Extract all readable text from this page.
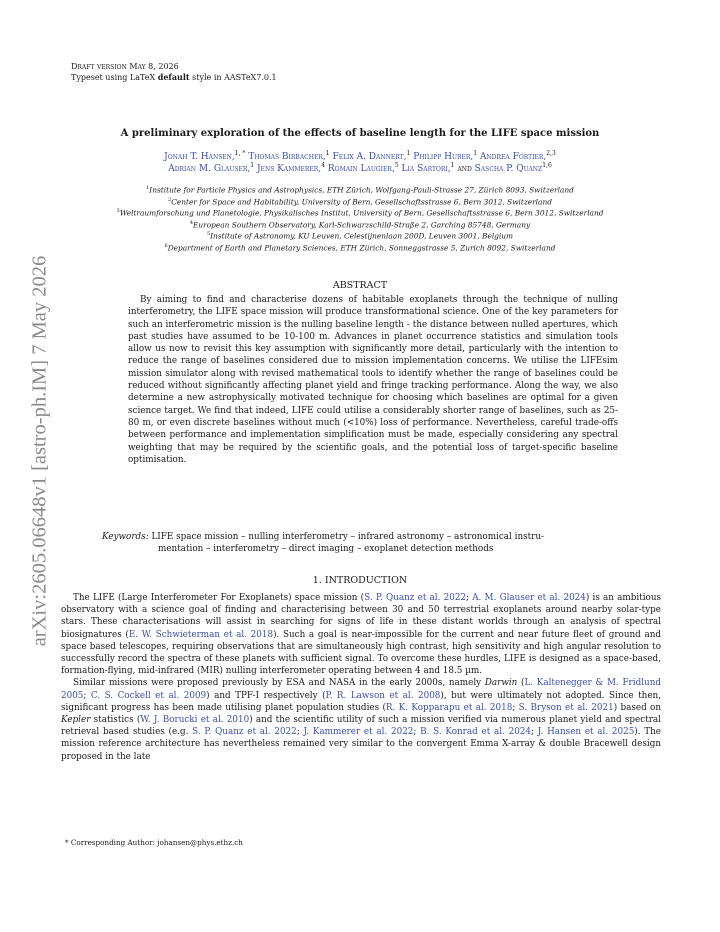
Draft version May 8, 2026
Typeset using LaTeX default style in AASTeX7.0.1
arXiv:2605.06648v1 [astro-ph.IM] 7 May 2026
A preliminary exploration of the effects of baseline length for the LIFE space mission
Jonah T. Hansen,$^{1, *}$ Thomas Birbacher,$^1$ Felix A. Dannert,$^1$ Philipp Huber,$^1$ Andrea Fortier,$^{2,3}$
Adrian M. Glauser,$^1$ Jens Kammerer,$^4$ Romain Laugier,$^5$ Lia Sartori,$^1$ and Sascha P. Quanz$^{1,6}$
$^1$Institute for Particle Physics and Astrophysics, ETH Zürich, Wolfgang-Pauli-Strasse 27, Zürich 8093, Switzerland
$^2$Center for Space and Habitability, University of Bern, Gesellschaftsstrasse 6, Bern 3012, Switzerland
$^3$Weltraumforschung und Planetologie, Physikalisches Institut, University of Bern, Gesellschaftsstrasse 6, Bern 3012, Switzerland
$^4$European Southern Observatory, Karl-Schwarzschild-Straße 2, Garching 85748, Germany
$^5$Institute of Astronomy, KU Leuven, Celestijnenlaan 200D, Leuven 3001, Belgium
$^6$Department of Earth and Planetary Sciences, ETH Zürich, Sonneggstrasse 5, Zurich 8092, Switzerland
ABSTRACT

By aiming to find and characterise dozens of habitable exoplanets through the technique of nulling interferometry, the LIFE space mission will produce transformational science. One of the key parameters for such an interferometric mission is the nulling baseline length - the distance between nulled apertures, which past studies have assumed to be 10-100 m. Advances in planet occurrence statistics and simulation tools allow us now to revisit this key assumption with significantly more detail, particularly with the intention to reduce the range of baselines considered due to mission implementation concerns. We utilise the LIFEsim mission simulator along with revised mathematical tools to identify whether the range of baselines could be reduced without significantly affecting planet yield and fringe tracking performance. Along the way, we also determine a new astrophysically motivated technique for choosing which baselines are optimal for a given science target. We find that indeed, LIFE could utilise a considerably shorter range of baselines, such as 25-80 m, or even discrete baselines without much (<10%) loss of performance. Nevertheless, careful trade-offs between performance and implementation simplification must be made, especially considering any spectral weighting that may be required by the scientific goals, and the potential loss of target-specific baseline optimisation.

Keywords: LIFE space mission – nulling interferometry – infrared astronomy – astronomical instru-
mentation – interferometry – direct imaging – exoplanet detection methods
1. INTRODUCTION

The LIFE (Large Interferometer For Exoplanets) space mission (S. P. Quanz et al. 2022; A. M. Glauser et al. 2024) is an ambitious observatory with a science goal of finding and characterising between 30 and 50 terrestrial exoplanets around nearby solar-type stars. These characterisations will assist in searching for signs of life in these distant worlds through an analysis of spectral biosignatures (E. W. Schwieterman et al. 2018). Such a goal is near-impossible for the current and near future fleet of ground and space based telescopes, requiring observations that are simultaneously high contrast, high sensitivity and high angular resolution to successfully record the spectra of these planets with sufficient signal. To overcome these hurdles, LIFE is designed as a space-based, formation-flying, mid-infrared (MIR) nulling interferometer operating between 4 and 18.5 µm.

Similar missions were proposed previously by ESA and NASA in the early 2000s, namely Darwin (L. Kaltenegger & M. Fridlund 2005; C. S. Cockell et al. 2009) and TPF-I respectively (P. R. Lawson et al. 2008), but were ultimately not adopted. Since then, significant progress has been made utilising planet population studies (R. K. Kopparapu et al. 2018; S. Bryson et al. 2021) based on Kepler statistics (W. J. Borucki et al. 2010) and the scientific utility of such a mission verified via numerous planet yield and spectral retrieval based studies (e.g. S. P. Quanz et al. 2022; J. Kammerer et al. 2022; B. S. Konrad et al. 2024; J. Hansen et al. 2025). The mission reference architecture has nevertheless remained very similar to the convergent Emma X-array & double Bracewell design proposed in the late

* Corresponding Author: johansen@phys.ethz.ch
